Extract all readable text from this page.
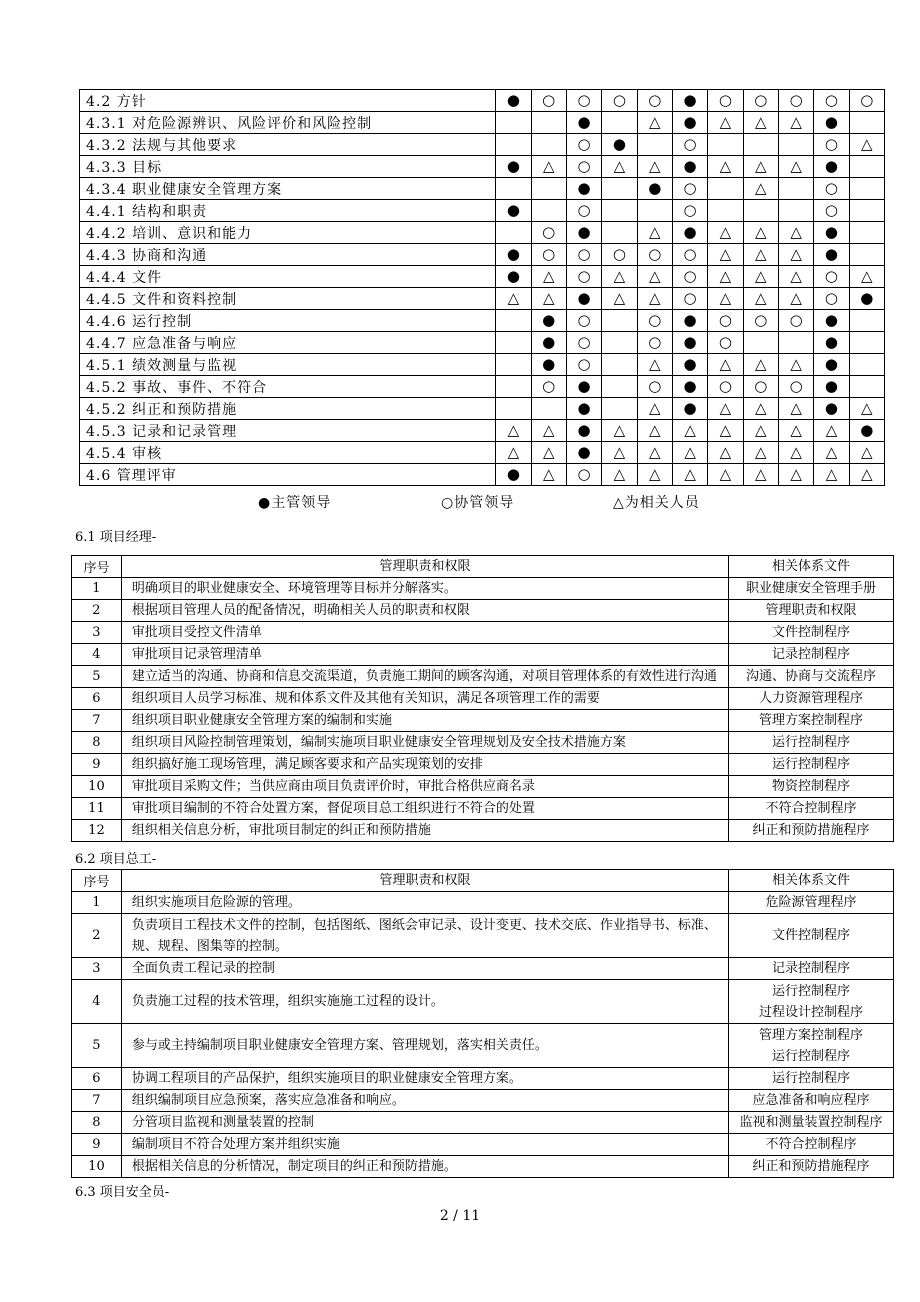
4.2 方针	●	○	○	○	○	●	○	○	○	○	○
4.3.1 对危险源辨识、风险评价和风险控制			●		△	●	△	△	△	●	
4.3.2 法规与其他要求			○	●		○				○	△
4.3.3 目标	●	△	○	△	△	●	△	△	△	●	
4.3.4 职业健康安全管理方案			●		●	○		△		○	
4.4.1 结构和职责	●		○			○				○	
4.4.2 培训、意识和能力		○	●		△	●	△	△	△	●	
4.4.3 协商和沟通	●	○	○	○	○	○	△	△	△	●	
4.4.4 文件	●	△	○	△	△	○	△	△	△	○	△
4.4.5 文件和资料控制	△	△	●	△	△	○	△	△	△	○	●
4.4.6 运行控制		●	○		○	●	○	○	○	●	
4.4.7 应急准备与响应		●	○		○	●	○			●	
4.5.1 绩效测量与监视		●	○		△	●	△	△	△	●	
4.5.2 事故、事件、不符合		○	●		○	●	○	○	○	●	
4.5.2 纠正和预防措施			●		△	●	△	△	△	●	△
4.5.3 记录和记录管理	△	△	●	△	△	△	△	△	△	△	●
4.5.4 审核	△	△	●	△	△	△	△	△	△	△	△
4.6 管理评审	●	△	○	△	△	△	△	△	△	△	△
●主管领导	○协管领导	△为相关人员
6.1 项目经理-
序号	管理职责和权限	相关体系文件
1	明确项目的职业健康安全、环境管理等目标并分解落实。	职业健康安全管理手册

2	根据项目管理人员的配备情况，明确相关人员的职责和权限	管理职责和权限

3	审批项目受控文件清单	文件控制程序

4	审批项目记录管理清单	记录控制程序

5	建立适当的沟通、协商和信息交流渠道，负责施工期间的顾客沟通，对项目管理体系的有效性进行沟通	沟通、协商与交流程序

6	组织项目人员学习标准、规和体系文件及其他有关知识，满足各项管理工作的需要	人力资源管理程序

7	组织项目职业健康安全管理方案的编制和实施	管理方案控制程序

8	组织项目风险控制管理策划，编制实施项目职业健康安全管理规划及安全技术措施方案	运行控制程序

9	组织搞好施工现场管理，满足顾客要求和产品实现策划的安排	运行控制程序

10	审批项目采购文件；当供应商由项目负责评价时，审批合格供应商名录	物资控制程序

11	审批项目编制的不符合处置方案，督促项目总工组织进行不符合的处置	不符合控制程序

12	组织相关信息分析，审批项目制定的纠正和预防措施	纠正和预防措施程序
6.2 项目总工-
序号	管理职责和权限	相关体系文件
1	组织实施项目危险源的管理。	危险源管理程序

2	负责项目工程技术文件的控制，包括图纸、图纸会审记录、设计变更、技术交底、作业指导书、标准、规、规程、图集等的控制。	文件控制程序

3	全面负责工程记录的控制	记录控制程序

4	负责施工过程的技术管理，组织实施施工过程的设计。	运行控制程序
过程设计控制程序

5	参与或主持编制项目职业健康安全管理方案、管理规划，落实相关责任。	管理方案控制程序
运行控制程序

6	协调工程项目的产品保护，组织实施项目的职业健康安全管理方案。	运行控制程序

7	组织编制项目应急预案，落实应急准备和响应。	应急准备和响应程序

8	分管项目监视和测量装置的控制	监视和测量装置控制程序

9	编制项目不符合处理方案并组织实施	不符合控制程序

10	根据相关信息的分析情况，制定项目的纠正和预防措施。	纠正和预防措施程序
6.3 项目安全员-
2 / 11
